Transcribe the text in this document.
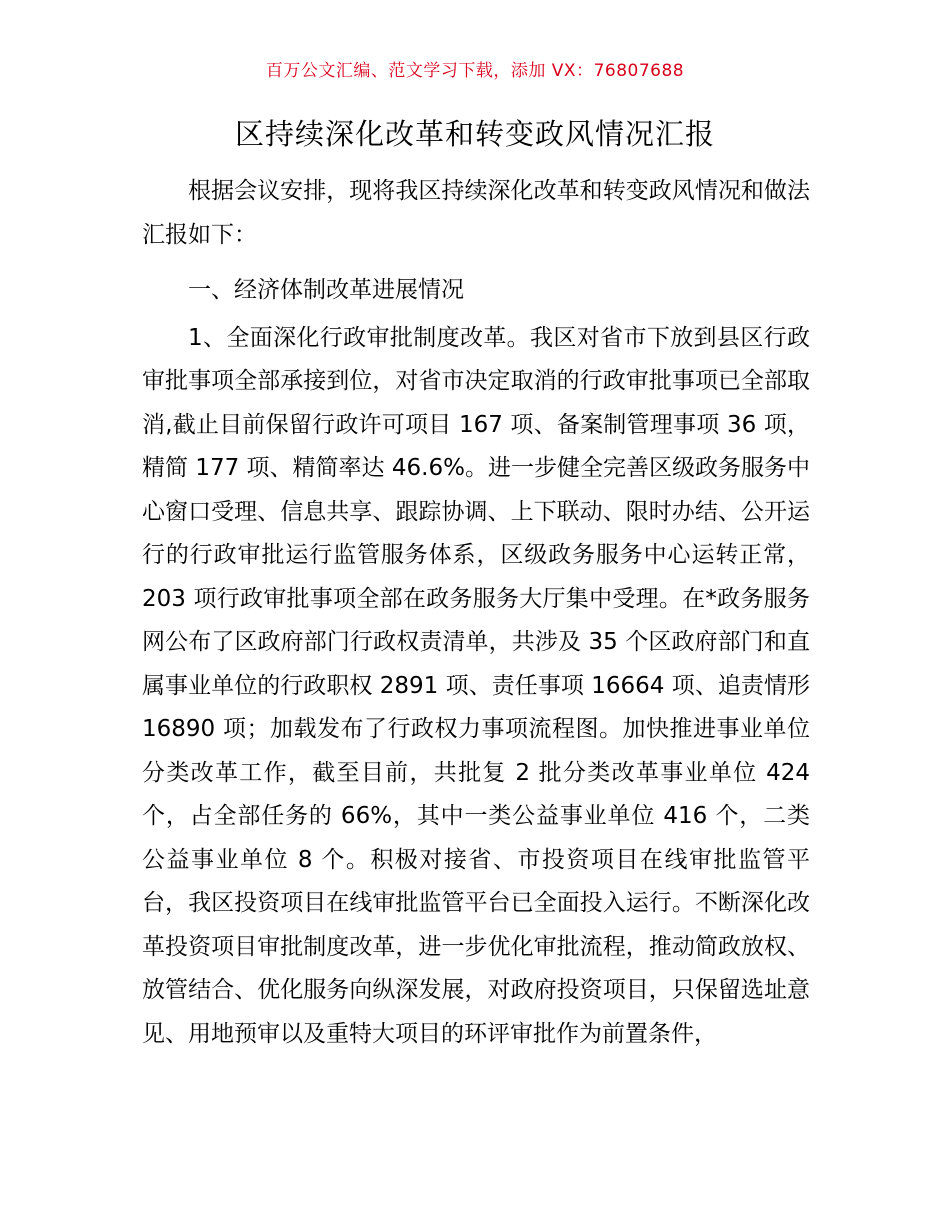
百万公文汇编、范文学习下载，添加 VX：76807688
区持续深化改革和转变政风情况汇报

根据会议安排，现将我区持续深化改革和转变政风情况和做法汇报如下：

一、经济体制改革进展情况

1、全面深化行政审批制度改革。我区对省市下放到县区行政审批事项全部承接到位，对省市决定取消的行政审批事项已全部取消,截止目前保留行政许可项目 167 项、备案制管理事项 36 项，精简 177 项、精简率达 46.6%。进一步健全完善区级政务服务中心窗口受理、信息共享、跟踪协调、上下联动、限时办结、公开运行的行政审批运行监管服务体系，区级政务服务中心运转正常，203 项行政审批事项全部在政务服务大厅集中受理。在*政务服务网公布了区政府部门行政权责清单，共涉及 35 个区政府部门和直属事业单位的行政职权 2891 项、责任事项 16664 项、追责情形 16890 项；加载发布了行政权力事项流程图。加快推进事业单位分类改革工作，截至目前，共批复 2 批分类改革事业单位 424 个，占全部任务的 66%，其中一类公益事业单位 416 个，二类公益事业单位 8 个。积极对接省、市投资项目在线审批监管平台，我区投资项目在线审批监管平台已全面投入运行。不断深化改革投资项目审批制度改革，进一步优化审批流程，推动简政放权、放管结合、优化服务向纵深发展，对政府投资项目，只保留选址意见、用地预审以及重特大项目的环评审批作为前置条件，
